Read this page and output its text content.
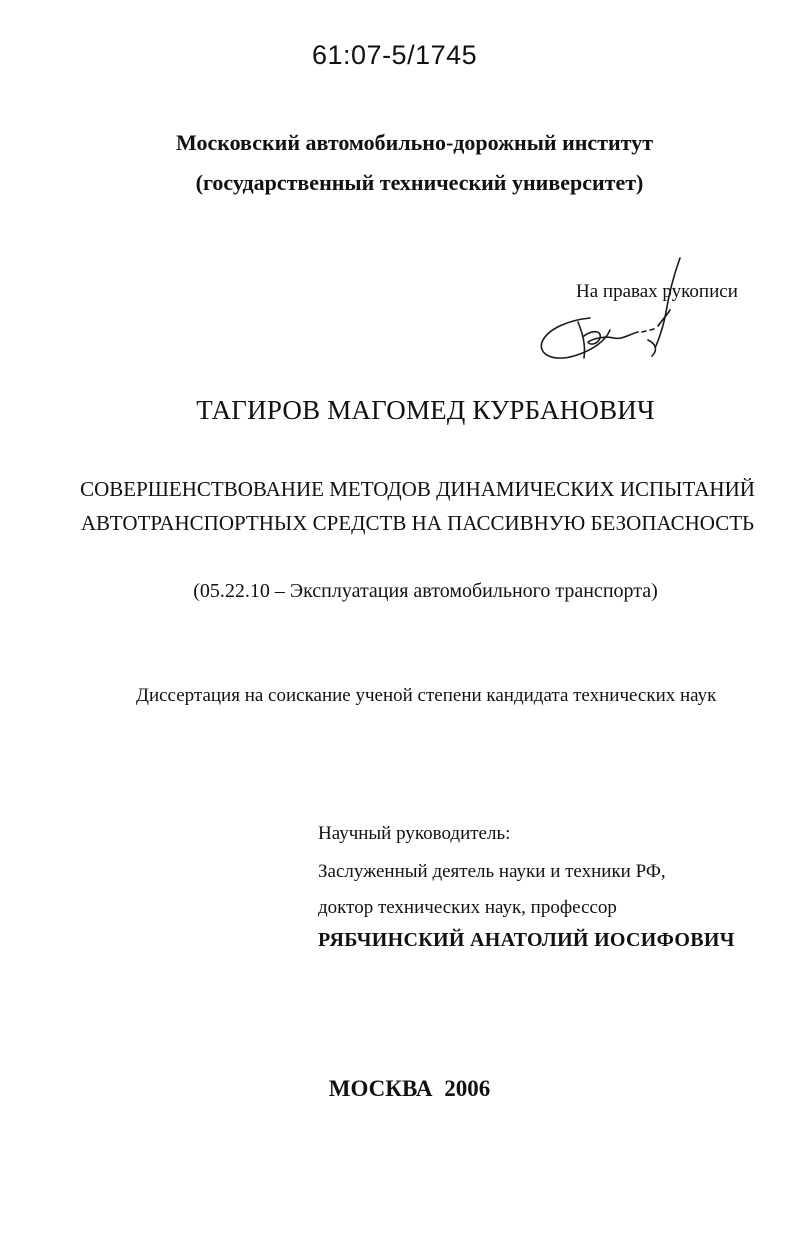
61:07-5/1745
Московский автомобильно-дорожный институт
(государственный технический университет)
На правах рукописи
ТАГИРОВ МАГОМЕД КУРБАНОВИЧ
СОВЕРШЕНСТВОВАНИЕ МЕТОДОВ ДИНАМИЧЕСКИХ ИСПЫТАНИЙ
АВТОТРАНСПОРТНЫХ СРЕДСТВ НА ПАССИВНУЮ БЕЗОПАСНОСТЬ
(05.22.10 – Эксплуатация автомобильного транспорта)
Диссертация на соискание ученой степени кандидата технических наук
Научный руководитель:
Заслуженный деятель науки и техники РФ,
доктор технических наук, профессор
РЯБЧИНСКИЙ АНАТОЛИЙ ИОСИФОВИЧ
МОСКВА 2006
